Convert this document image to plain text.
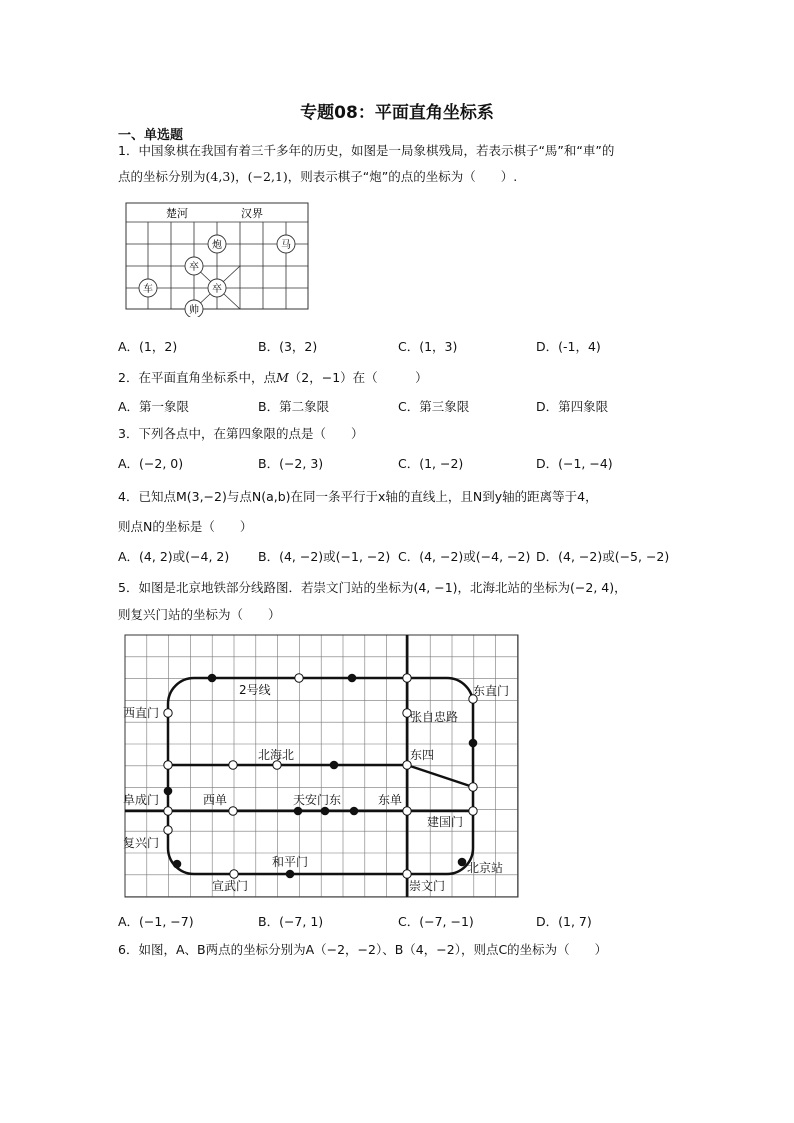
专题08：平面直角坐标系
一、单选题
1．中国象棋在我国有着三千多年的历史，如图是一局象棋残局，若表示棋子“馬”和“車”的
点的坐标分别为(4,3)，(−2,1)，则表示棋子“炮”的点的坐标为（　　）.
楚河	汉界
炮	马
卒
车	卒
帅
A．(1，2)	B．(3，2)	C．(1，3)	D．(-1，4)
2．在平面直角坐标系中，点M（2，−1）在（　　　）
A．第一象限	B．第二象限	C．第三象限	D．第四象限
3．下列各点中，在第四象限的点是（　　）
A．(−2, 0)	B．(−2, 3)	C．(1, −2)	D．(−1, −4)
4．已知点M(3,−2)与点N(a,b)在同一条平行于x轴的直线上，且N到y轴的距离等于4，
则点N的坐标是（　　）
A．(4, 2)或(−4, 2) B．(4, −2)或(−1, −2) C．(4, −2)或(−4, −2) D．(4, −2)或(−5, −2)
5．如图是北京地铁部分线路图．若崇文门站的坐标为(4, −1)，北海北站的坐标为(−2, 4)，
则复兴门站的坐标为（　　）
2号线
西直门	张自忠路
东直门
北海北	东四
阜成门	西单	天安门东	东单
建国门
复兴门
和平门	北京站
宣武门	崇文门
A．(−1, −7)	B．(−7, 1)	C．(−7, −1)	D．(1, 7)
6．如图，A、B两点的坐标分别为A（−2，−2）、B（4，−2），则点C的坐标为（　　）
